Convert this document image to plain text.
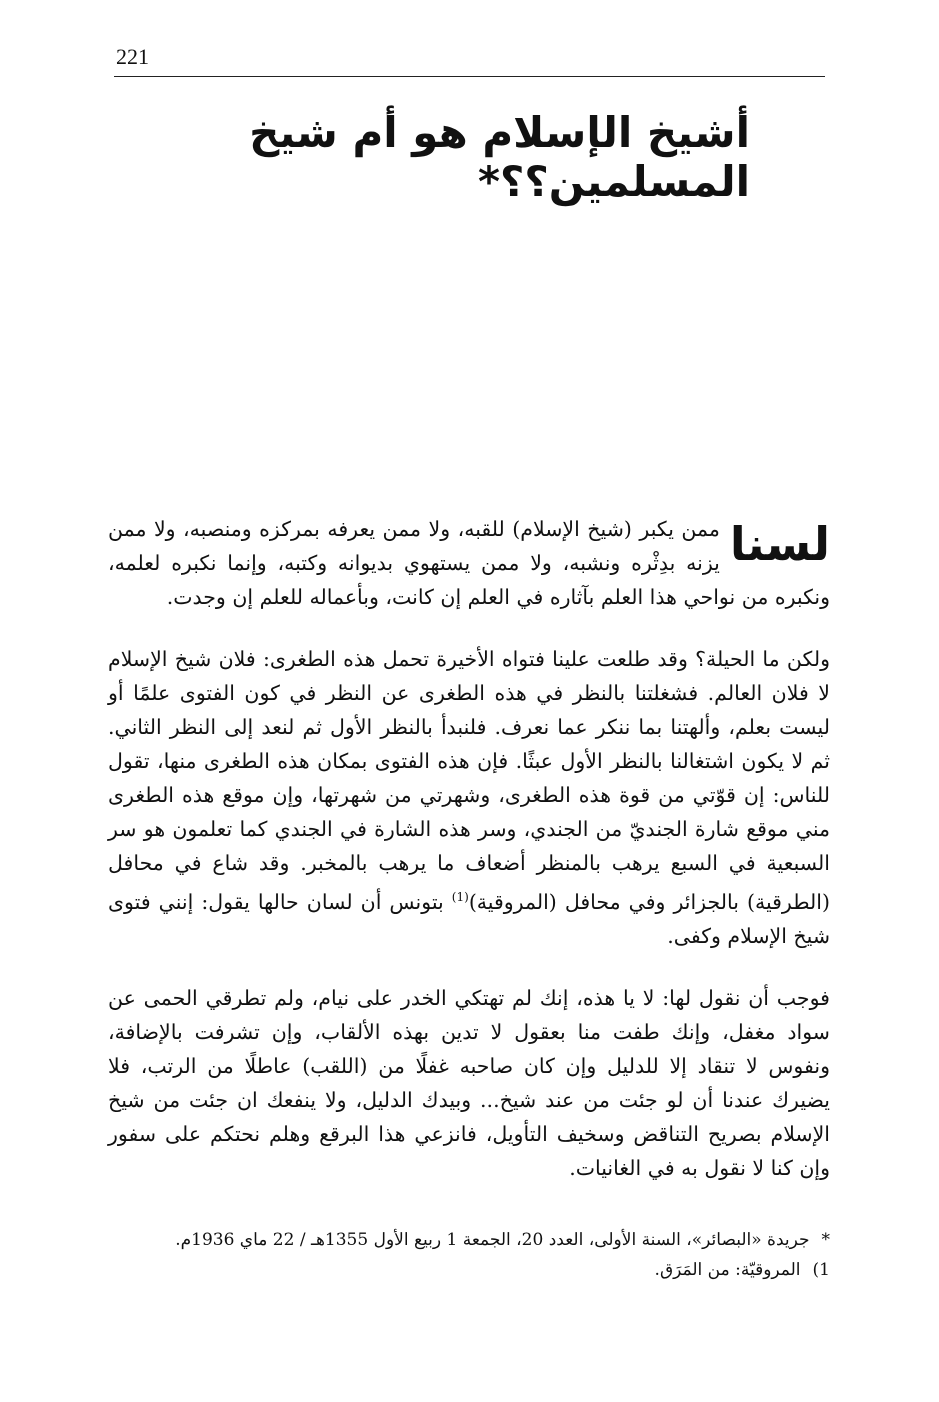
221
أشيخ الإسلام هو أم شيخ المسلمين؟؟*

لسنا
ممن يكبر (شيخ الإسلام) للقبه، ولا ممن يعرفه بمركزه ومنصبه، ولا ممن يزنه بدِثْره ونشبه، ولا ممن يستهوي بديوانه وكتبه، وإنما نكبره لعلمه، ونكبره من نواحي هذا العلم بآثاره في العلم إن كانت، وبأعماله للعلم إن وجدت.

ولكن ما الحيلة؟ وقد طلعت علينا فتواه الأخيرة تحمل هذه الطغرى: فلان شيخ الإسلام لا فلان العالم. فشغلتنا بالنظر في هذه الطغرى عن النظر في كون الفتوى علمًا أو ليست بعلم، وألهتنا بما ننكر عما نعرف. فلنبدأ بالنظر الأول ثم لنعد إلى النظر الثاني. ثم لا يكون اشتغالنا بالنظر الأول عبثًا. فإن هذه الفتوى بمكان هذه الطغرى منها، تقول للناس: إن قوّتي من قوة هذه الطغرى، وشهرتي من شهرتها، وإن موقع هذه الطغرى مني موقع شارة الجنديّ من الجندي، وسر هذه الشارة في الجندي كما تعلمون هو سر السبعية في السبع يرهب بالمنظر أضعاف ما يرهب بالمخبر. وقد شاع في محافل (الطرقية) بالجزائر وفي محافل (المروقية)$^{(1)}$ بتونس أن لسان حالها يقول: إنني فتوى شيخ الإسلام وكفى.

فوجب أن نقول لها: لا يا هذه، إنك لم تهتكي الخدر على نيام، ولم تطرقي الحمى عن سواد مغفل، وإنك طفت منا بعقول لا تدين بهذه الألقاب، وإن تشرفت بالإضافة، ونفوس لا تنقاد إلا للدليل وإن كان صاحبه غفلًا من (اللقب) عاطلًا من الرتب، فلا يضيرك عندنا أن لو جئت من عند شيخ... وبيدك الدليل، ولا ينفعك ان جئت من شيخ الإسلام بصريح التناقض وسخيف التأويل، فانزعي هذا البرقع وهلم نحتكم على سفور وإن كنا لا نقول به في الغانيات.

*جريدة «البصائر»، السنة الأولى، العدد 20، الجمعة 1 ربيع الأول 1355هـ / 22 ماي 1936م.
1)المروقيّة: من المَرَق.
